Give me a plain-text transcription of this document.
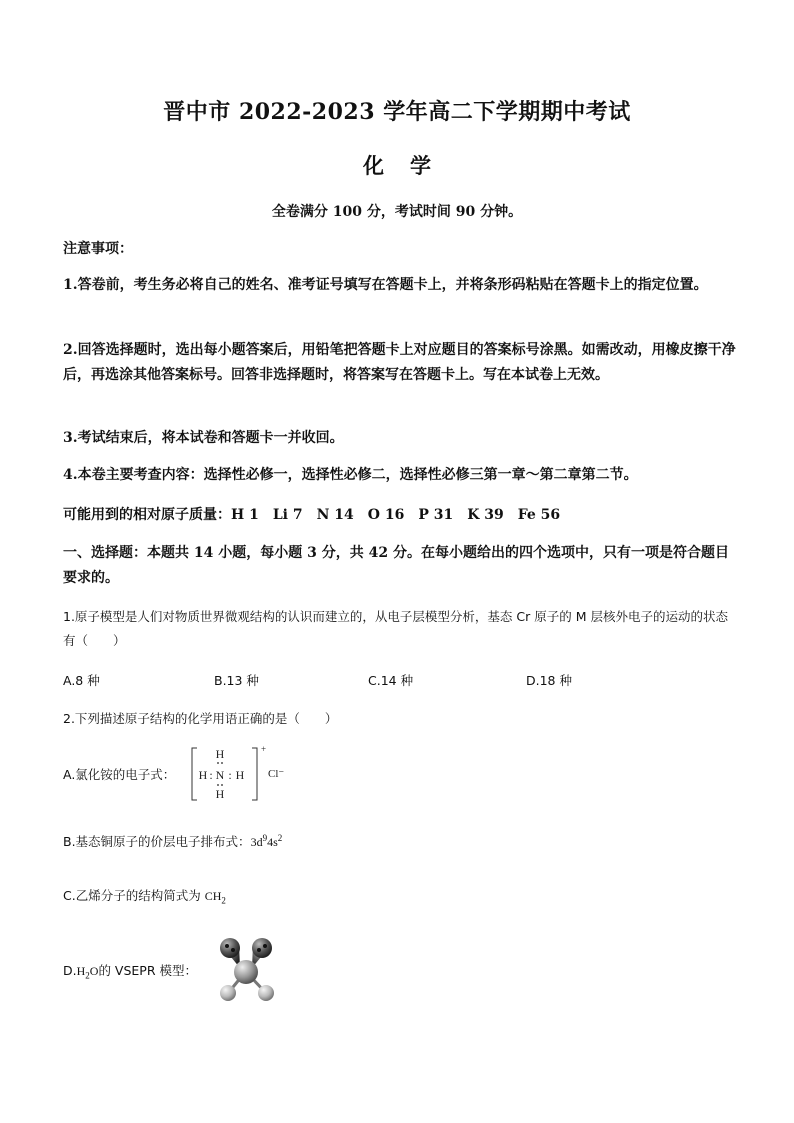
晋中市 2022-2023 学年高二下学期期中考试
化 学
全卷满分 100 分，考试时间 90 分钟。
注意事项：
1.答卷前，考生务必将自己的姓名、准考证号填写在答题卡上，并将条形码粘贴在答题卡上的指定位置。
2.回答选择题时，选出每小题答案后，用铅笔把答题卡上对应题目的答案标号涂黑。如需改动，用橡皮擦干净后，再选涂其他答案标号。回答非选择题时，将答案写在答题卡上。写在本试卷上无效。
3.考试结束后，将本试卷和答题卡一并收回。
4.本卷主要考查内容：选择性必修一，选择性必修二，选择性必修三第一章～第二章第二节。
可能用到的相对原子质量：H 1　Li 7　N 14　O 16　P 31　K 39　Fe 56
一、选择题：本题共 14 小题，每小题 3 分，共 42 分。在每小题给出的四个选项中，只有一项是符合题目要求的。
1.原子模型是人们对物质世界微观结构的认识而建立的，从电子层模型分析，基态 Cr 原子的 M 层核外电子的运动的状态有（　　）
A.8 种	B.13 种	C.14 种	D.18 种
2.下列描述原子结构的化学用语正确的是（　　）
A.氯化铵的电子式：
H
H : N : H
H
+
Cl⁻
B.基态铜原子的价层电子排布式：$3d^94s^2$
C.乙烯分子的结构简式为 $CH_2$
$D.H_2O$的 VSEPR 模型：
